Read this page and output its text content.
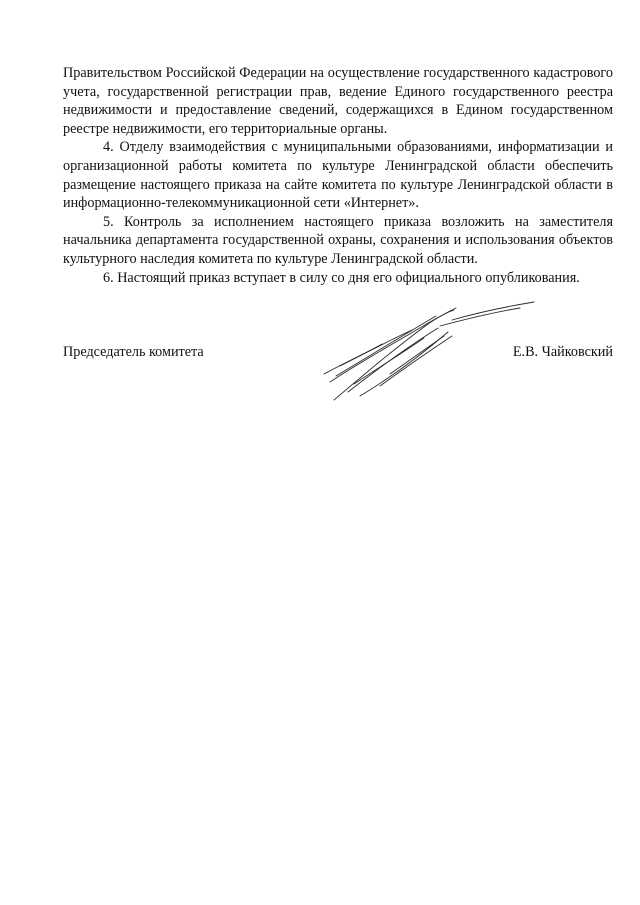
Правительством Российской Федерации на осуществление государственного кадастрового учета, государственной регистрации прав, ведение Единого государственного реестра недвижимости и предоставление сведений, содержащихся в Едином государственном реестре недвижимости, его территориальные органы.

4. Отделу взаимодействия с муниципальными образованиями, информатизации и организационной работы комитета по культуре Ленинградской области обеспечить размещение настоящего приказа на сайте комитета по культуре Ленинградской области в информационно-телекоммуникационной сети «Интернет».

5. Контроль за исполнением настоящего приказа возложить на заместителя начальника департамента государственной охраны, сохранения и использования объектов культурного наследия комитета по культуре Ленинградской области.

6. Настоящий приказ вступает в силу со дня его официального опубликования.

Председатель комитета	Е.В. Чайковский
